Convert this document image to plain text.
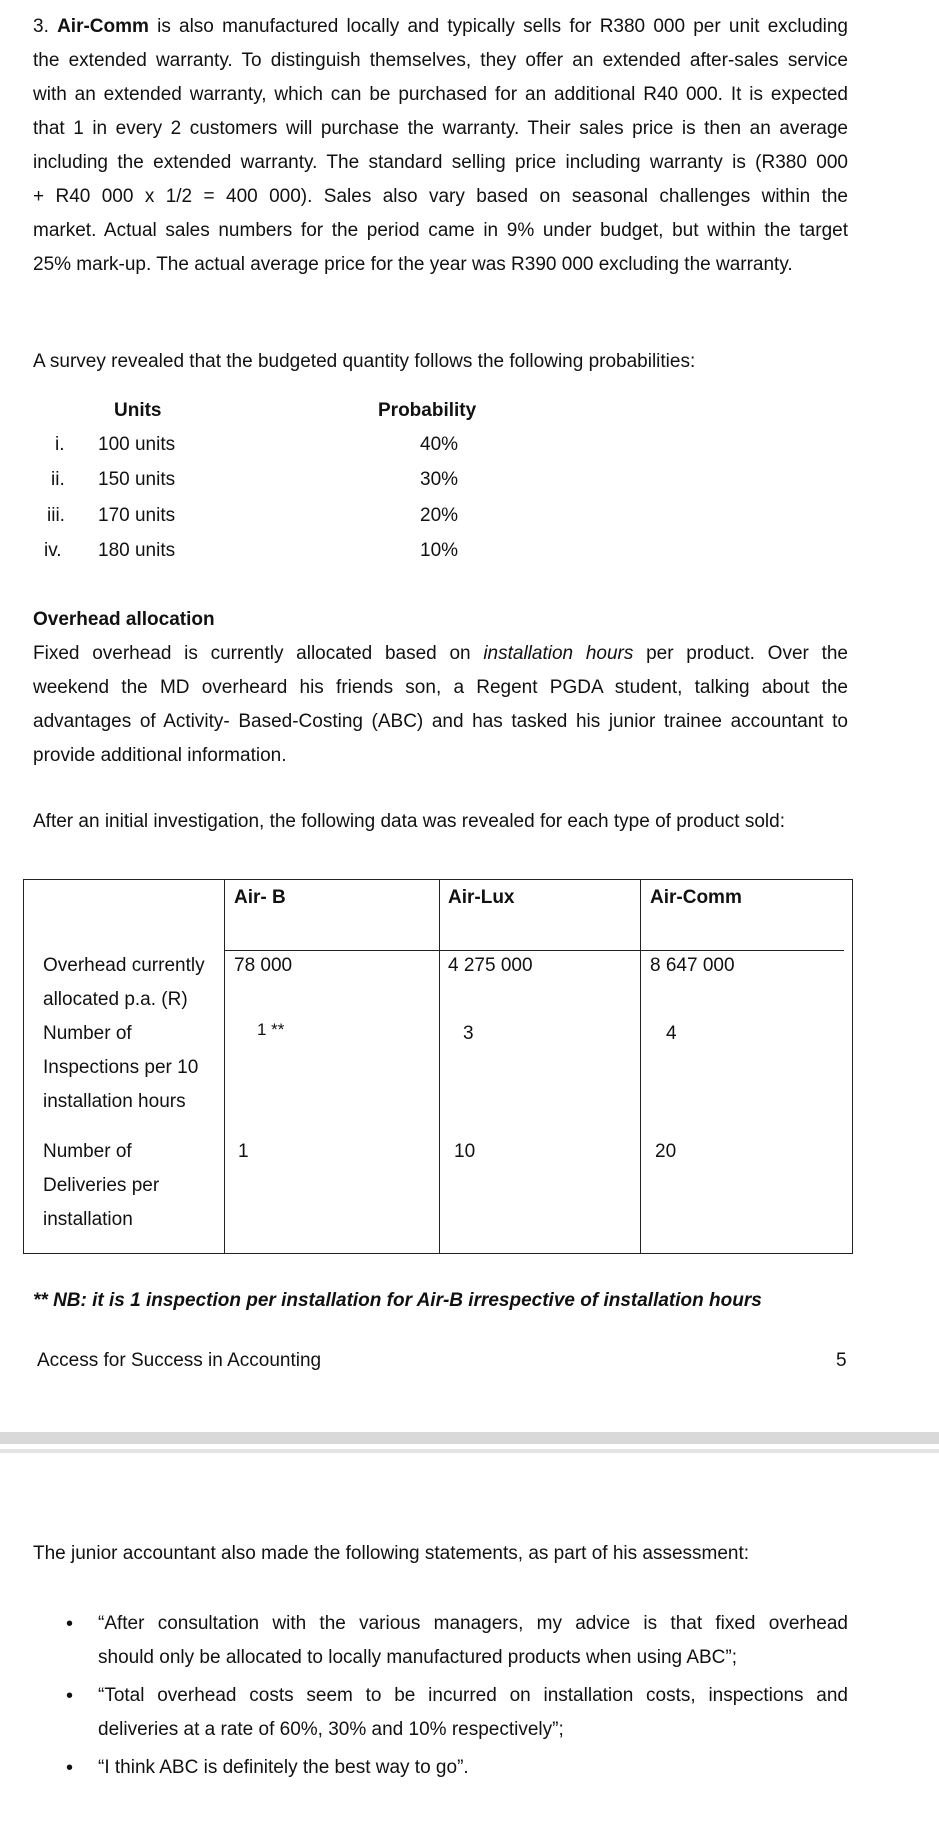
3. Air-Comm is also manufactured locally and typically sells for R380 000 per unit excluding
the extended warranty. To distinguish themselves, they offer an extended after-sales service
with an extended warranty, which can be purchased for an additional R40 000. It is expected
that 1 in every 2 customers will purchase the warranty. Their sales price is then an average
including the extended warranty. The standard selling price including warranty is (R380 000
+ R40 000 x 1/2 = 400 000). Sales also vary based on seasonal challenges within the
market. Actual sales numbers for the period came in 9% under budget, but within the target
25% mark-up. The actual average price for the year was R390 000 excluding the warranty.
A survey revealed that the budgeted quantity follows the following probabilities:
Units	Probability
i. 100 units	40%
ii. 150 units	30%
iii. 170 units	20%
iv. 180 units	10%
Overhead allocation
Fixed overhead is currently allocated based on installation hours per product. Over the
weekend the MD overheard his friends son, a Regent PGDA student, talking about the
advantages of Activity- Based-Costing (ABC) and has tasked his junior trainee accountant to
provide additional information.
After an initial investigation, the following data was revealed for each type of product sold:
Air- B	Air-Lux	Air-Comm
Overhead currently allocated p.a. (R)
78 000	4 275 000	8 647 000
Number of Inspections per 10 installation hours
1 **	3	4
Number of Deliveries per installation
1	10	20
** NB: it is 1 inspection per installation for Air-B irrespective of installation hours
Access for Success in Accounting	5
The junior accountant also made the following statements, as part of his assessment:
• “After consultation with the various managers, my advice is that fixed overhead
should only be allocated to locally manufactured products when using ABC”;
• “Total overhead costs seem to be incurred on installation costs, inspections and
deliveries at a rate of 60%, 30% and 10% respectively”;
• “I think ABC is definitely the best way to go”.
